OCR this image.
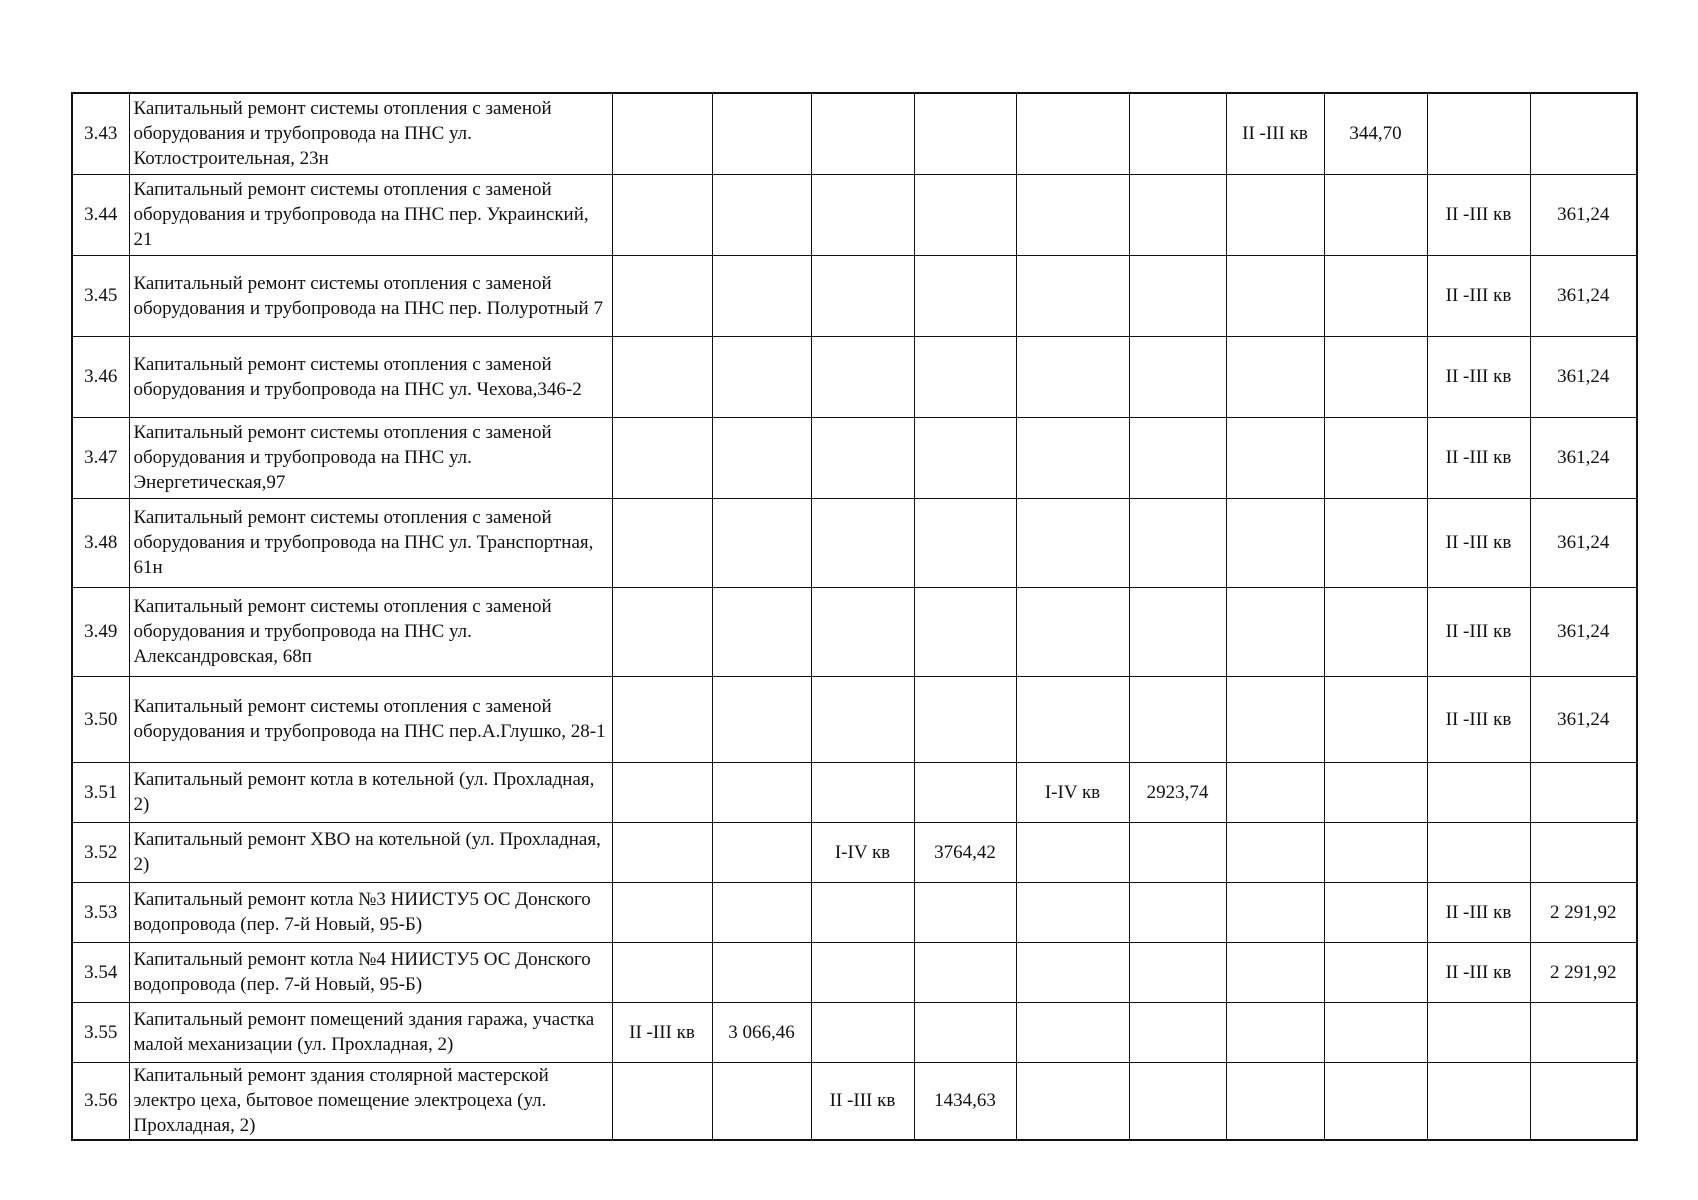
3.43	Капитальный ремонт системы отопления с заменой оборудования и трубопровода на ПНС ул. Котлостроительная, 23н							II -III кв	344,70		
3.44	Капитальный ремонт системы отопления с заменой оборудования и трубопровода на ПНС пер. Украинский, 21									II -III кв	361,24
3.45	Капитальный ремонт системы отопления с заменой оборудования и трубопровода на ПНС пер. Полуротный 7									II -III кв	361,24
3.46	Капитальный ремонт системы отопления с заменой оборудования и трубопровода на ПНС ул. Чехова,346-2									II -III кв	361,24
3.47	Капитальный ремонт системы отопления с заменой оборудования и трубопровода на ПНС ул. Энергетическая,97									II -III кв	361,24
3.48	Капитальный ремонт системы отопления с заменой оборудования и трубопровода на ПНС ул. Транспортная, 61н									II -III кв	361,24
3.49	Капитальный ремонт системы отопления с заменой оборудования и трубопровода на ПНС ул. Александровская, 68п									II -III кв	361,24
3.50	Капитальный ремонт системы отопления с заменой оборудования и трубопровода на ПНС пер.А.Глушко, 28-1									II -III кв	361,24
3.51	Капитальный ремонт котла в котельной (ул. Прохладная, 2)					I-IV кв	2923,74				
3.52	Капитальный ремонт ХВО на котельной (ул. Прохладная, 2)			I-IV кв	3764,42						
3.53	Капитальный ремонт котла №3 НИИСТУ5 ОС Донского водопровода (пер. 7-й Новый, 95-Б)									II -III кв	2 291,92
3.54	Капитальный ремонт котла №4 НИИСТУ5 ОС Донского водопровода (пер. 7-й Новый, 95-Б)									II -III кв	2 291,92
3.55	Капитальный ремонт помещений здания гаража, участка малой механизации (ул. Прохладная, 2)	II -III кв	3 066,46								
3.56	Капитальный ремонт здания столярной мастерской электро цеха, бытовое помещение электроцеха (ул. Прохладная, 2)			II -III кв	1434,63						
